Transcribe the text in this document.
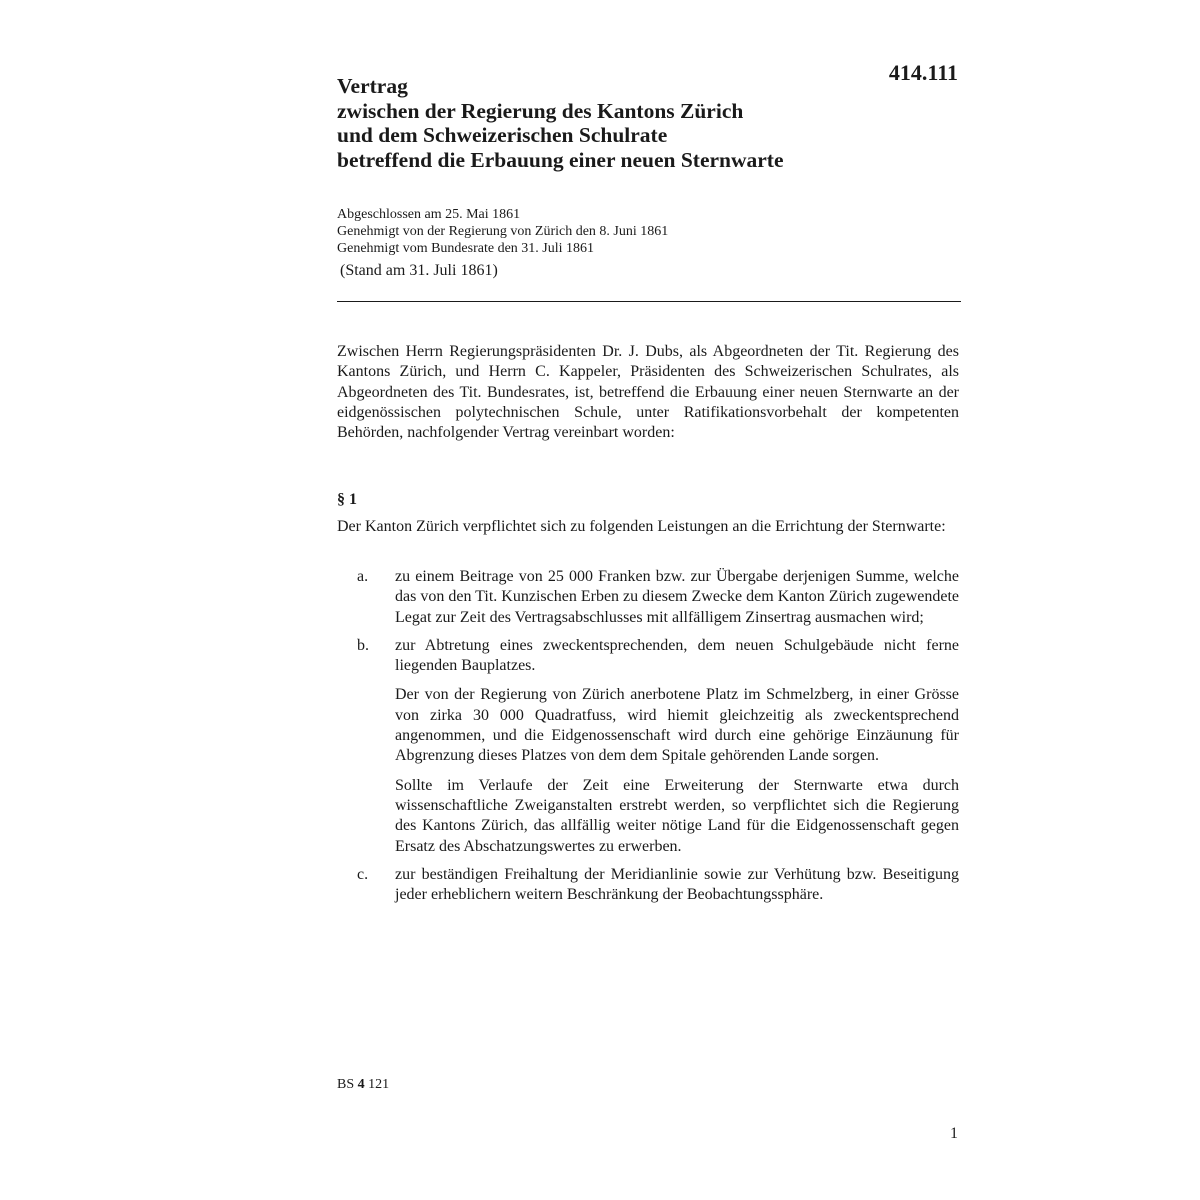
414.111
Vertrag
zwischen der Regierung des Kantons Zürich
und dem Schweizerischen Schulrate
betreffend die Erbauung einer neuen Sternwarte
Abgeschlossen am 25. Mai 1861
Genehmigt von der Regierung von Zürich den 8. Juni 1861
Genehmigt vom Bundesrate den 31. Juli 1861
(Stand am 31. Juli 1861)
Zwischen Herrn Regierungspräsidenten Dr. J. Dubs, als Abgeordneten der Tit. Regierung des Kantons Zürich, und Herrn C. Kappeler, Präsidenten des Schweizerischen Schulrates, als Abgeordneten des Tit. Bundesrates, ist, betreffend die Erbauung einer neuen Sternwarte an der eidgenössischen polytechnischen Schule, unter Ratifikationsvorbehalt der kompetenten Behörden, nachfolgender Vertrag vereinbart worden:
§ 1
Der Kanton Zürich verpflichtet sich zu folgenden Leistungen an die Errichtung der Sternwarte:
a. zu einem Beitrage von 25 000 Franken bzw. zur Übergabe derjenigen Summe, welche das von den Tit. Kunzischen Erben zu diesem Zwecke dem Kanton Zürich zugewendete Legat zur Zeit des Vertragsabschlusses mit allfälligem Zinsertrag ausmachen wird;

b. zur Abtretung eines zweckentsprechenden, dem neuen Schulgebäude nicht ferne liegenden Bauplatzes.

Der von der Regierung von Zürich anerbotene Platz im Schmelzberg, in einer Grösse von zirka 30 000 Quadratfuss, wird hiemit gleichzeitig als zweckentsprechend angenommen, und die Eidgenossenschaft wird durch eine gehörige Einzäunung für Abgrenzung dieses Platzes von dem dem Spitale gehörenden Lande sorgen.

Sollte im Verlaufe der Zeit eine Erweiterung der Sternwarte etwa durch wissenschaftliche Zweiganstalten erstrebt werden, so verpflichtet sich die Regierung des Kantons Zürich, das allfällig weiter nötige Land für die Eidgenossenschaft gegen Ersatz des Abschatzungswertes zu erwerben.

c. zur beständigen Freihaltung der Meridianlinie sowie zur Verhütung bzw. Beseitigung jeder erheblichern weitern Beschränkung der Beobachtungssphäre.

BS 4 121
1
